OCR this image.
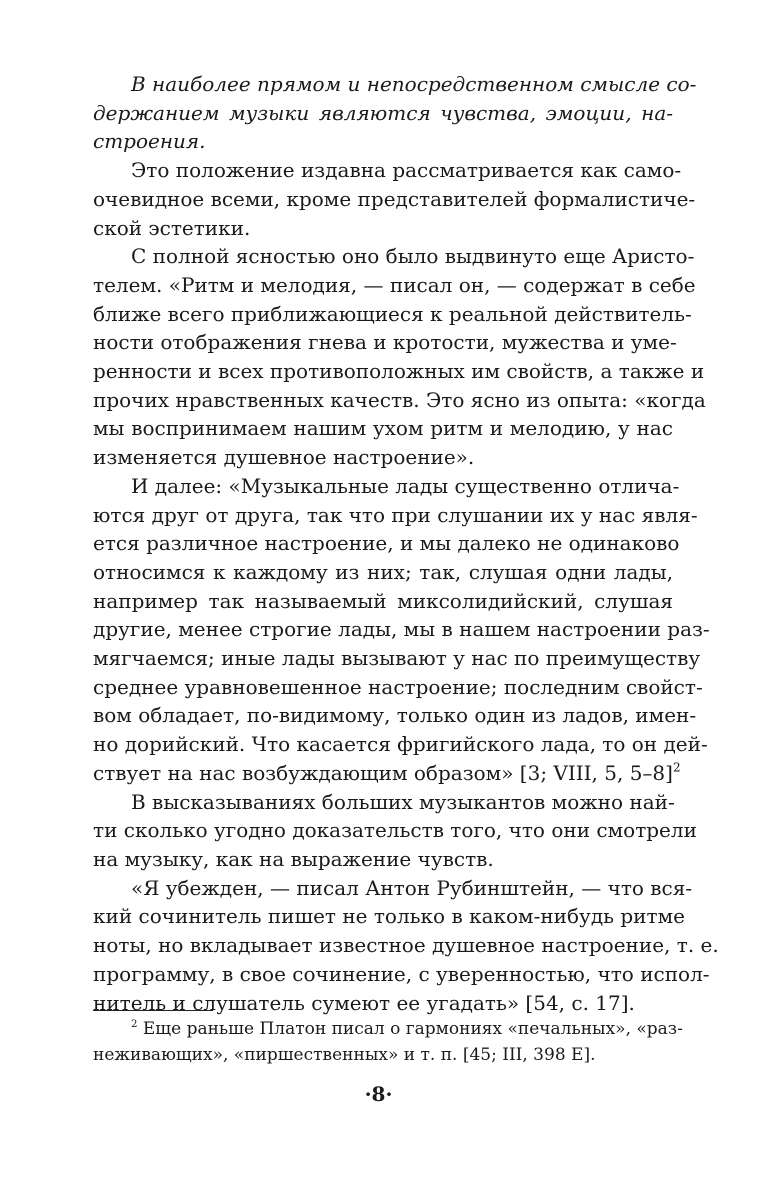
В наиболее прямом и непосредственном смысле со-
держанием музыки являются чувства, эмоции, на-
строения.
Это положение издавна рассматривается как само-
очевидное всеми, кроме представителей формалистиче-
ской эстетики.
С полной ясностью оно было выдвинуто еще Аристо-
телем. «Ритм и мелодия, — писал он, — содержат в себе
ближе всего приближающиеся к реальной действитель-
ности отображения гнева и кротости, мужества и уме-
ренности и всех противоположных им свойств, а также и
прочих нравственных качеств. Это ясно из опыта: «когда
мы воспринимаем нашим ухом ритм и мелодию, у нас
изменяется душевное настроение».
И далее: «Музыкальные лады существенно отлича-
ются друг от друга, так что при слушании их у нас явля-
ется различное настроение, и мы далеко не одинаково
относимся к каждому из них; так, слушая одни лады,
например так называемый миксолидийский, слушая
другие, менее строгие лады, мы в нашем настроении раз-
мягчаемся; иные лады вызывают у нас по преимуществу
среднее уравновешенное настроение; последним свойст-
вом обладает, по-видимому, только один из ладов, имен-
но дорийский. Что касается фригийского лада, то он дей-
ствует на нас возбуждающим образом» [3; VIII, 5, 5–8]$^2$
В высказываниях больших музыкантов можно най-
ти сколько угодно доказательств того, что они смотрели
на музыку, как на выражение чувств.
«Я убежден, — писал Антон Рубинштейн, — что вся-
кий сочинитель пишет не только в каком-нибудь ритме
ноты, но вкладывает известное душевное настроение, т. е.
программу, в свое сочинение, с уверенностью, что испол-
нитель и слушатель сумеют ее угадать» [54, с. 17].
$^2$ Еще раньше Платон писал о гармониях «печальных», «раз-
неживающих», «пиршественных» и т. п. [45; III, 398 E].
·8·
